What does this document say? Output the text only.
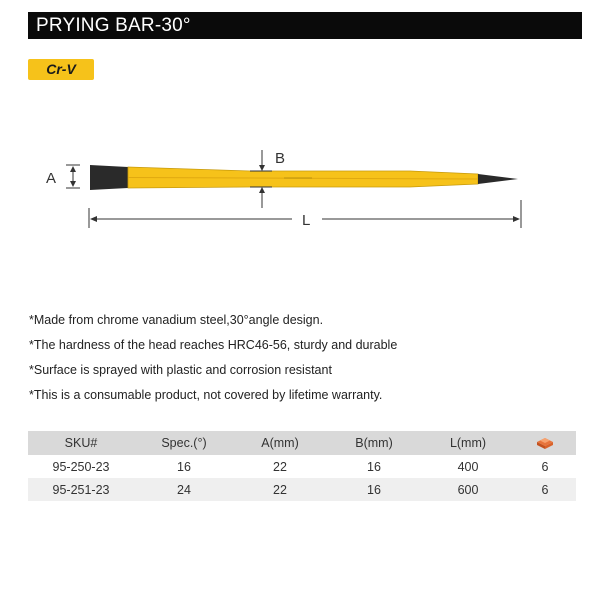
PRYING BAR-30°
Cr-V
A
B
L
*Made from chrome vanadium steel,30°angle design.
*The hardness of the head reaches HRC46-56, sturdy and durable
*Surface is sprayed with plastic and corrosion resistant
*This is a consumable product, not covered by lifetime warranty.
SKU#	Spec.(°)	A(mm)	B(mm)	L(mm)	
95-250-23	16	22	16	400	6
95-251-23	24	22	16	600	6
